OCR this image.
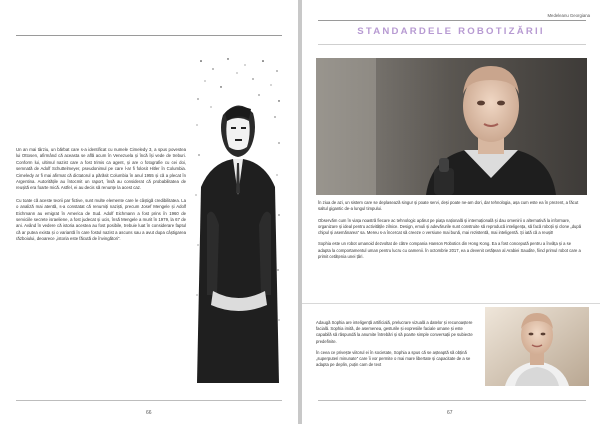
Un an mai târziu, un bărbat care s-a identificat cu numele Cimeledy 3, a spus povestea lui Ottosen, afirmând că aceasta se află acum în Venezuela și încă își vede de treburi. Conform lui, ultimul nazist care a fost trimis ca agent, și are o fotografie cu cei doi, semnată de Adolf Schuttelmeyer, pseudonimul pe care l-ar fi folosit Hitler în Columbia. Cimeledy ar fi mai afirmat că dictatorul a părăsit Columbia în anul 1955 și că a plecat în Argentina. Autoritățile au întocmit un raport, însă au considerat că probabilitatea de reușită era foarte mică. Astfel, ei au decis să renunțe la acest caz.

Cu toate că aceste teorii par fictive, sunt multe elemente care le câștigă credibilitatea. La o analiză mai atentă, s-a constatat că renumiți naziști, precum Josef Mengele și Adolf Eichmann au emigrat în America de Sud. Adolf Eichmann a fost prins în 1960 de serviciile secrete israeliene, a fost judecat și ucis, însă Mengele a murit în 1979, la 67 de ani. Având în vedere că istoria acestea au fost posibile, trebuie luat în considerare faptul că ar putea exista și o variantă în care fostul nazist a ascuns sau a avut dupa câștigarea războiului, deoarece „istoria este făcută de învingători”.

66
Medeleanu Georgiana
STANDARDELE ROBOTIZĂRII

În ziua de azi, un sistem care se deplasează singur și poate servi, deși poate ne-am dori, dar tehnologia, așa cum este ea în prezent, a făcut saltul gigantic de-a lungul timpului.

Observăm cum în viața noastră fiecare ac tehnologic apărut pe piața națională și internațională și dau omenirii o alternativă la informare, organizare și ideal pentru activitățile zilnice. Design, emuli și adevărurile sunt construite să reproducă inteligența, să facă roboții și clone „după chipul și asemănarea” sa. Mereu s-a încercat să creeze o versiune mai bună, mai rezistentă, mai inteligentă. Și iată că a reușit!

Sophia este un robot umanoid dezvoltat de către compania Hanson Robotics din Hong Kong. Ea a fost concepută pentru a învăța și a se adapta la comportamentul uman pentru lucru cu oamenii. În octombrie 2017, ea a devenit cetățean al Arabiei Saudite, fiind primul robot care a primit cetățenia unei țări.

Adaugă Sophia are inteligență artificială, prelucrare vizuală a datelor și recunoaștere facială. Sophia imită, de asemenea, gesturile și expresiile faciale umane și este capabilă să răspundă la anumite întrebări și să poarte simple conversații pe subiecte predefinite.

În ceea ce privește viitorul ei în societate, Sophia a spus că se așteaptă să obțină „superputeri minunate” care îi vor permite o mai mare libertate și capacitate de a se adapta pe deplin, puțin cam de text

67
